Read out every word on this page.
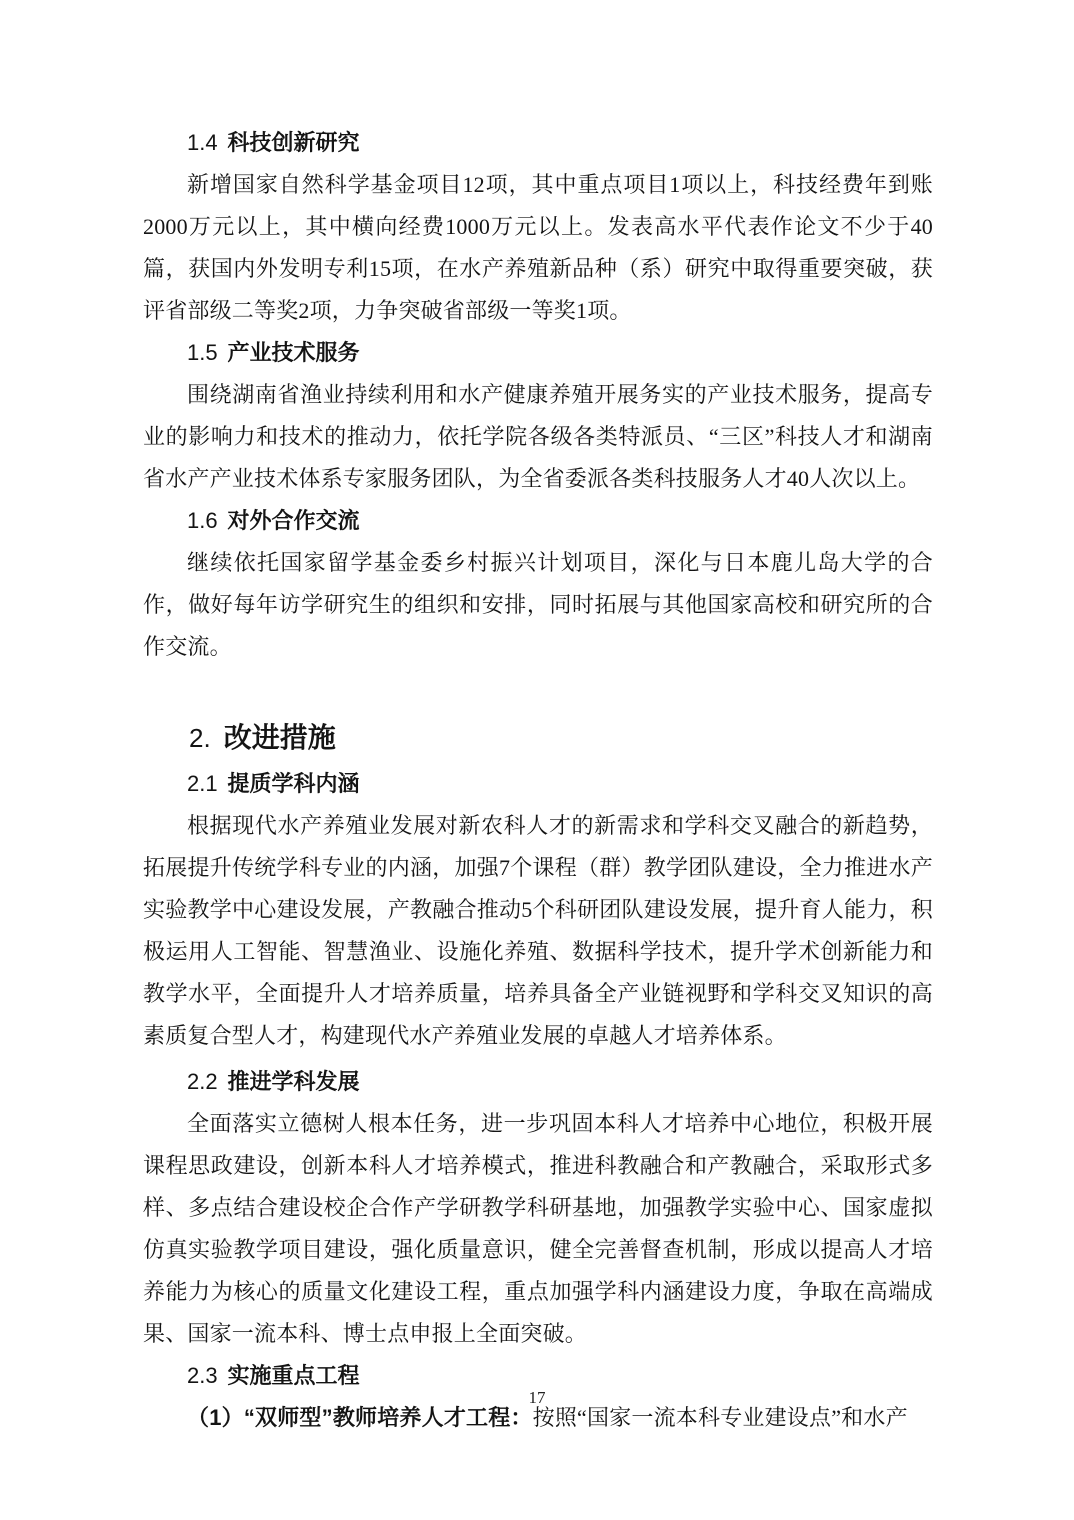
1.4 科技创新研究

新增国家自然科学基金项目12项，其中重点项目1项以上，科技经费年到账2000万元以上，其中横向经费1000万元以上。发表高水平代表作论文不少于40篇，获国内外发明专利15项，在水产养殖新品种（系）研究中取得重要突破，获评省部级二等奖2项，力争突破省部级一等奖1项。

1.5 产业技术服务

围绕湖南省渔业持续利用和水产健康养殖开展务实的产业技术服务，提高专业的影响力和技术的推动力，依托学院各级各类特派员、“三区”科技人才和湖南省水产产业技术体系专家服务团队，为全省委派各类科技服务人才40人次以上。

1.6 对外合作交流

继续依托国家留学基金委乡村振兴计划项目，深化与日本鹿儿岛大学的合作，做好每年访学研究生的组织和安排，同时拓展与其他国家高校和研究所的合作交流。

2. 改进措施
2.1 提质学科内涵

根据现代水产养殖业发展对新农科人才的新需求和学科交叉融合的新趋势，拓展提升传统学科专业的内涵，加强7个课程（群）教学团队建设，全力推进水产实验教学中心建设发展，产教融合推动5个科研团队建设发展，提升育人能力，积极运用人工智能、智慧渔业、设施化养殖、数据科学技术，提升学术创新能力和教学水平，全面提升人才培养质量，培养具备全产业链视野和学科交叉知识的高素质复合型人才，构建现代水产养殖业发展的卓越人才培养体系。

2.2 推进学科发展

全面落实立德树人根本任务，进一步巩固本科人才培养中心地位，积极开展课程思政建设，创新本科人才培养模式，推进科教融合和产教融合，采取形式多样、多点结合建设校企合作产学研教学科研基地，加强教学实验中心、国家虚拟仿真实验教学项目建设，强化质量意识，健全完善督查机制，形成以提高人才培养能力为核心的质量文化建设工程，重点加强学科内涵建设力度，争取在高端成果、国家一流本科、博士点申报上全面突破。

2.3 实施重点工程

（1）“双师型”教师培养人才工程：按照“国家一流本科专业建设点”和水产

17
